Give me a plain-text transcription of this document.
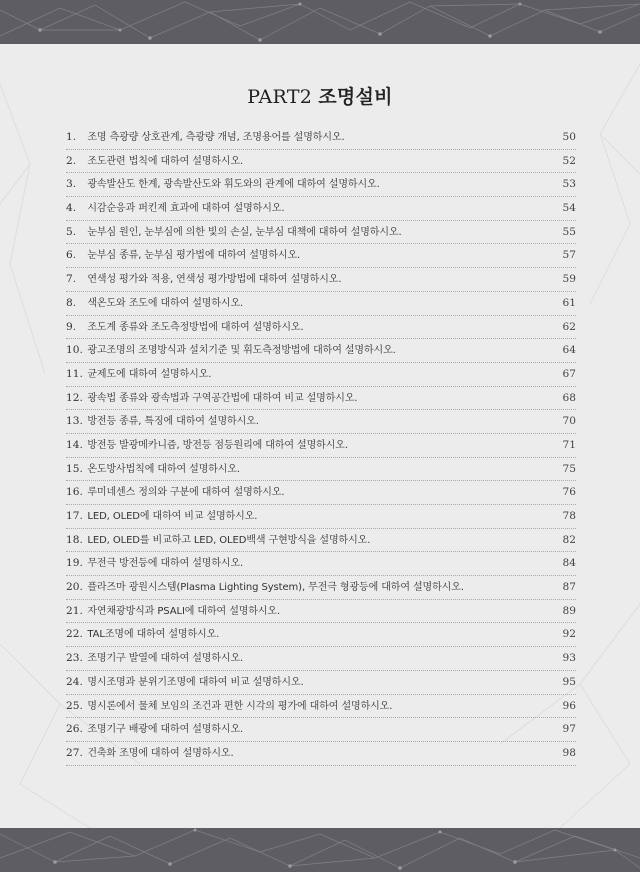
PART2 조명설비
1. 조명 측광량 상호관계, 측광량 개념, 조명용어를 설명하시오.	50
2. 조도관련 법칙에 대하여 설명하시오.	52
3. 광속발산도 한계, 광속발산도와 휘도와의 관계에 대하여 설명하시오.	53
4. 시감순응과 퍼킨제 효과에 대하여 설명하시오.	54
5. 눈부심 원인, 눈부심에 의한 빛의 손실, 눈부심 대책에 대하여 설명하시오.	55
6. 눈부심 종류, 눈부심 평가법에 대하여 설명하시오.	57
7. 연색성 평가와 적용, 연색성 평가방법에 대하여 설명하시오.	59
8. 색온도와 조도에 대하여 설명하시오.	61
9. 조도계 종류와 조도측정방법에 대하여 설명하시오.	62
10. 광고조명의 조명방식과 설치기준 및 휘도측정방법에 대하여 설명하시오.	64
11. 균제도에 대하여 설명하시오.	67
12. 광속법 종류와 광속법과 구역공간법에 대하여 비교 설명하시오.	68
13. 방전등 종류, 특징에 대하여 설명하시오.	70
14. 방전등 발광메카니즘, 방전등 점등원리에 대하여 설명하시오.	71
15. 온도방사법칙에 대하여 설명하시오.	75
16. 루미네센스 정의와 구분에 대하여 설명하시오.	76
17. LED, OLED에 대하여 비교 설명하시오.	78
18. LED, OLED를 비교하고 LED, OLED백색 구현방식을 설명하시오.	82
19. 무전극 방전등에 대하여 설명하시오.	84
20. 플라즈마 광원시스템(Plasma Lighting System), 무전극 형광등에 대하여 설명하시오.	87
21. 자연채광방식과 PSALI에 대하여 설명하시오.	89
22. TAL조명에 대하여 설명하시오.	92
23. 조명기구 발열에 대하여 설명하시오.	93
24. 명시조명과 분위기조명에 대하여 비교 설명하시오.	95
25. 명시론에서 물체 보임의 조건과 편한 시각의 평가에 대하여 설명하시오.	96
26. 조명기구 배광에 대하여 설명하시오.	97
27. 건축화 조명에 대하여 설명하시오.	98
